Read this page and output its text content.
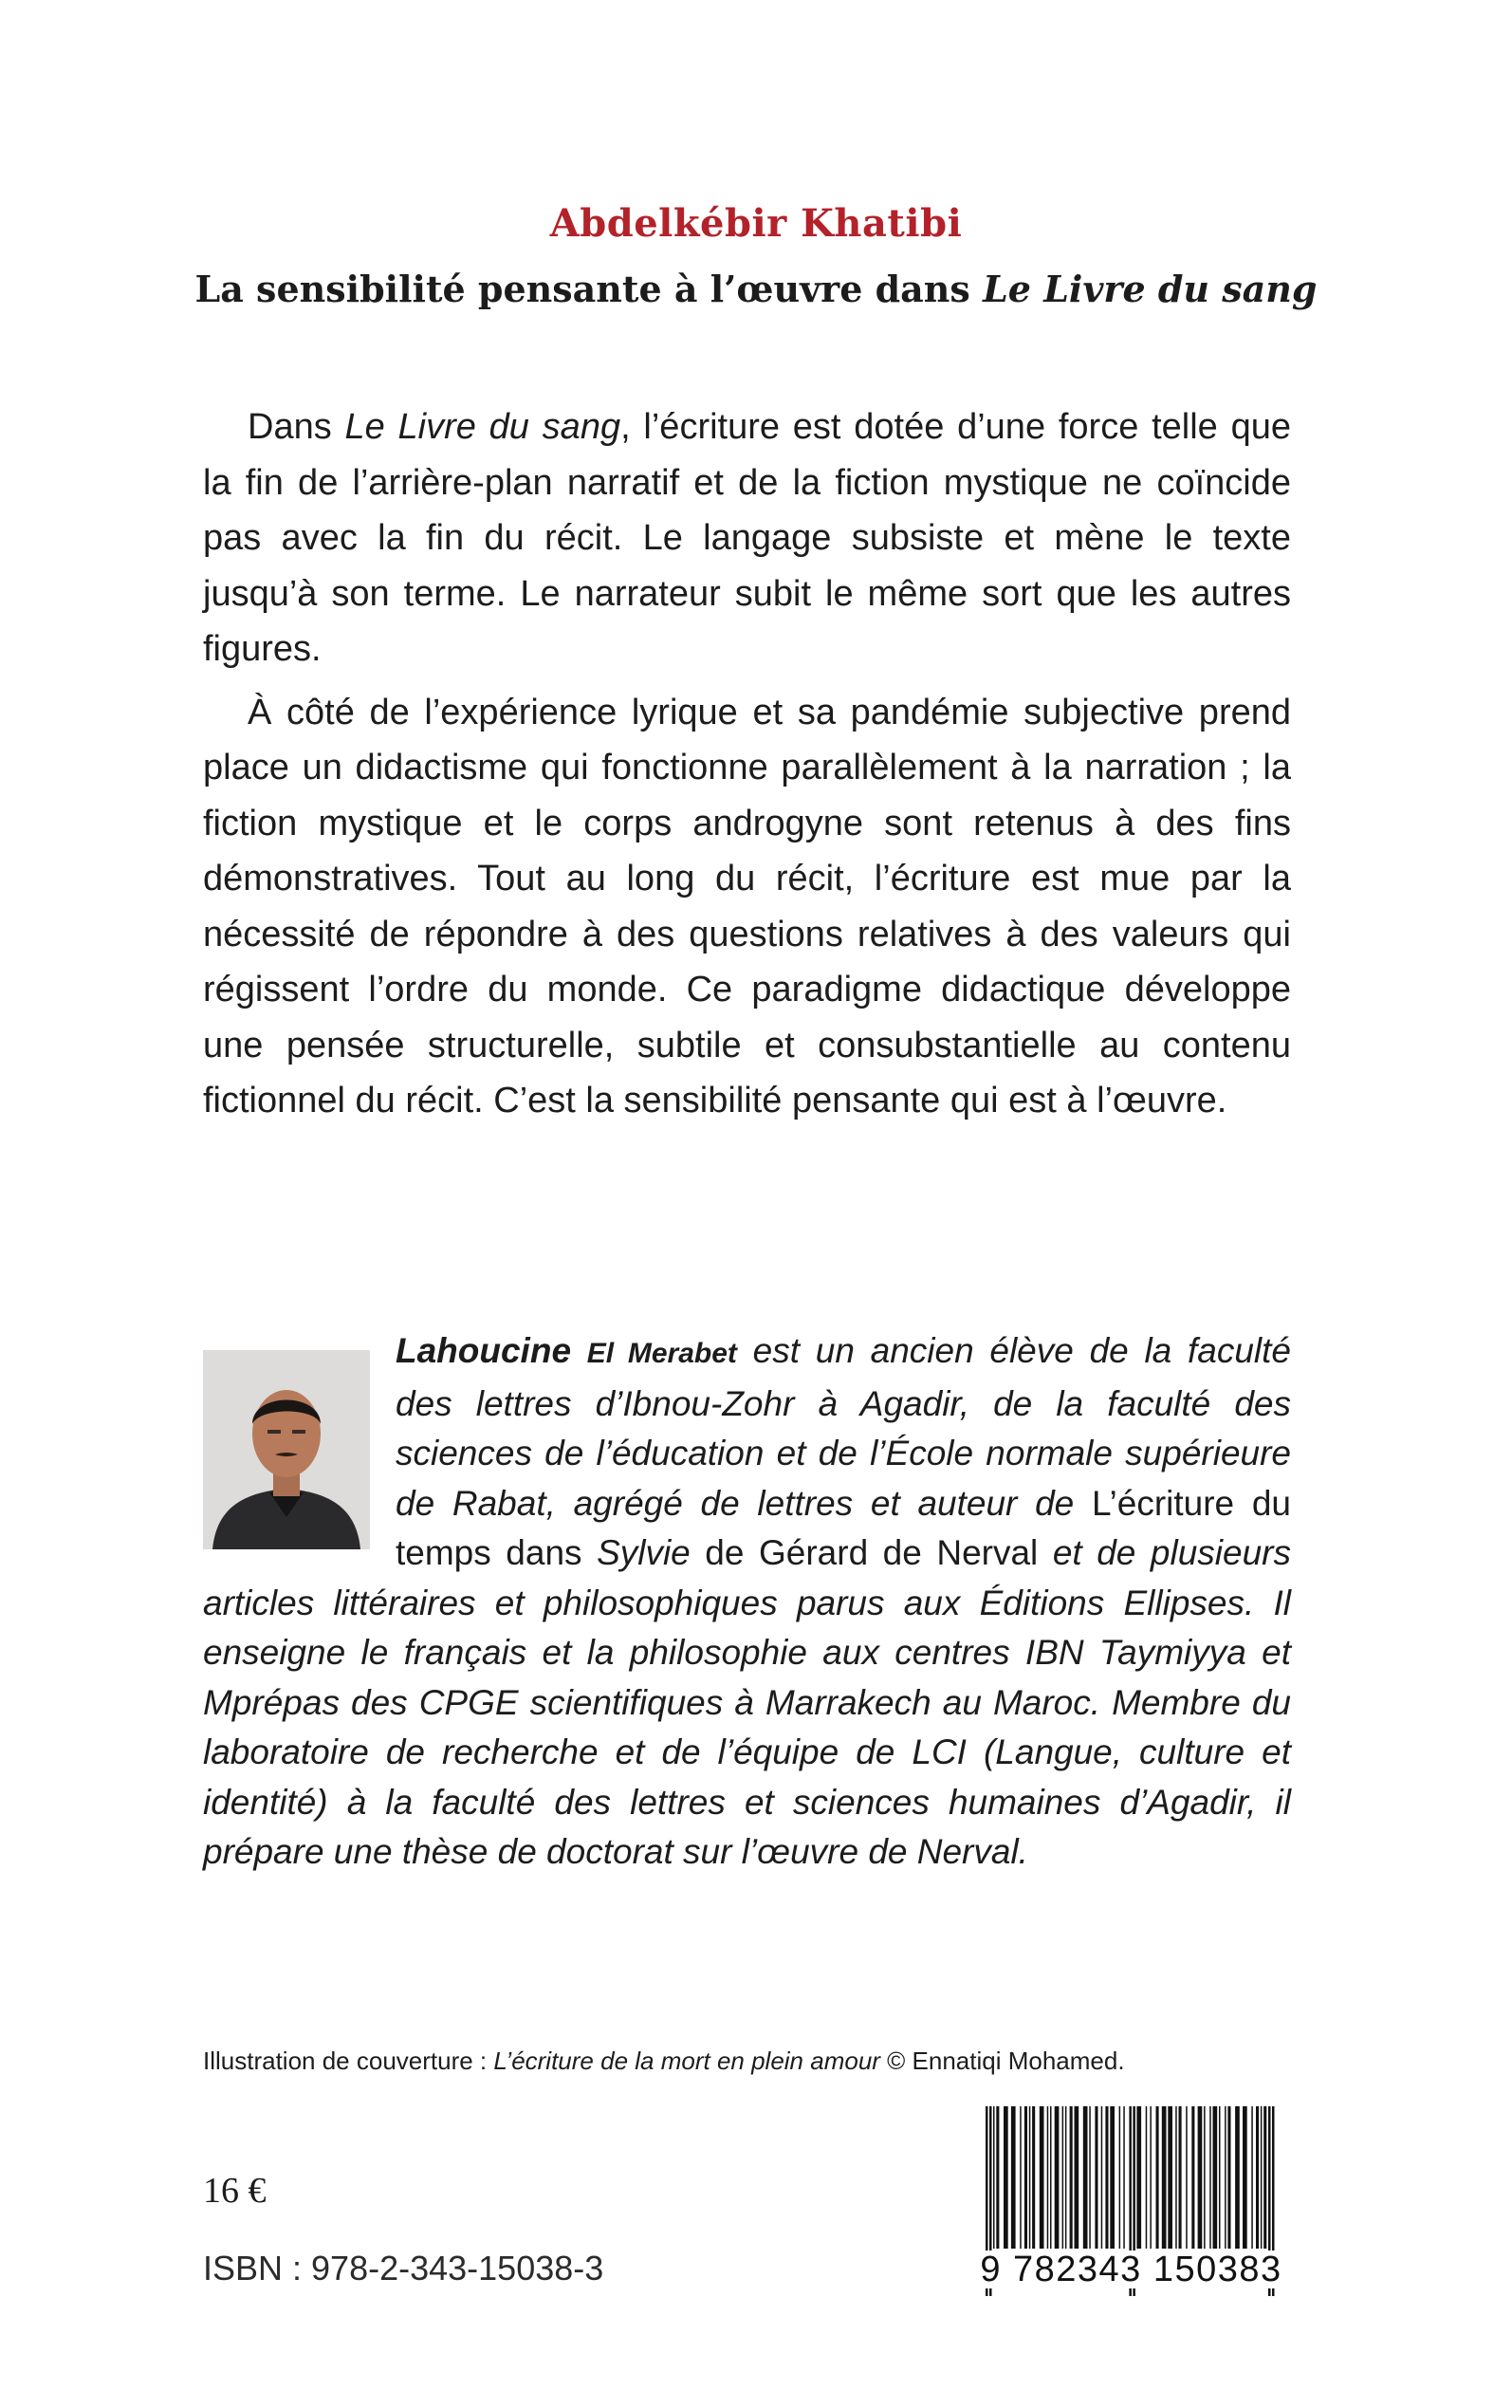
Abdelkébir Khatibi
La sensibilité pensante à l’œuvre dans Le Livre du sang

Dans Le Livre du sang, l’écriture est dotée d’une force telle que la fin de l’arrière-plan narratif et de la fiction mystique ne coïncide pas avec la fin du récit. Le langage subsiste et mène le texte jusqu’à son terme. Le narrateur subit le même sort que les autres figures.

À côté de l’expérience lyrique et sa pandémie subjective prend place un didactisme qui fonctionne parallèlement à la narration ; la fiction mystique et le corps androgyne sont retenus à des fins démonstratives. Tout au long du récit, l’écriture est mue par la nécessité de répondre à des questions relatives à des valeurs qui régissent l’ordre du monde. Ce paradigme didactique développe une pensée structurelle, subtile et consubstantielle au contenu fictionnel du récit. C’est la sensibilité pensante qui est à l’œuvre.

Lahoucine El Merabet est un ancien élève de la faculté des lettres d’Ibnou-Zohr à Agadir, de la faculté des sciences de l’éducation et de l’École normale supérieure de Rabat, agrégé de lettres et auteur de L’écriture du temps dans Sylvie de Gérard de Nerval et de plusieurs articles littéraires et philosophiques parus aux Éditions Ellipses. Il enseigne le français et la philosophie aux centres IBN Taymiyya et Mprépas des CPGE scientifiques à Marrakech au Maroc. Membre du laboratoire de recherche et de l’équipe de LCI (Langue, culture et identité) à la faculté des lettres et sciences humaines d’Agadir, il prépare une thèse de doctorat sur l’œuvre de Nerval.
Illustration de couverture : L’écriture de la mort en plein amour © Ennatiqi Mohamed.
16 €
ISBN : 978-2-343-15038-3	9 782343 150383
